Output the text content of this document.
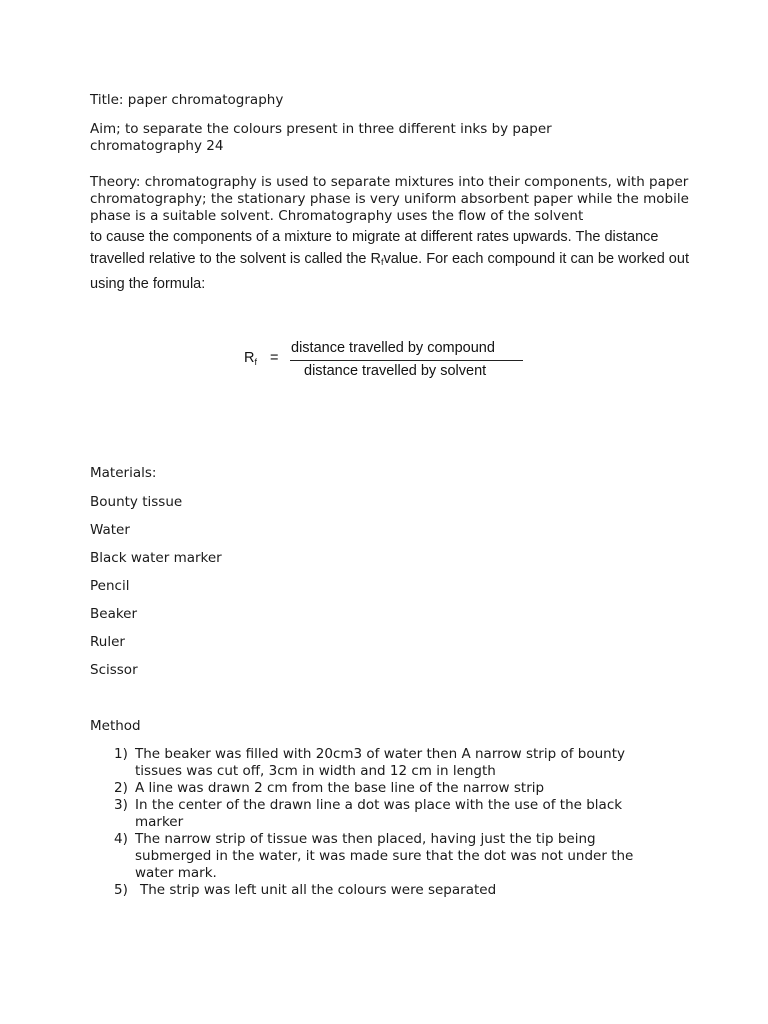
Title: paper chromatography

Aim; to separate the colours present in three different inks by paper chromatography 24

Theory: chromatography is used to separate mixtures into their components, with paper chromatography; the stationary phase is very uniform absorbent paper while the mobile phase is a suitable solvent. Chromatography uses the flow of the solvent

to cause the components of a mixture to migrate at different rates upwards. The distance travelled relative to the solvent is called the $R_fvalue$. For each compound it can be worked out using the formula:

$R_f$ =
distance travelled by compound
distance travelled by solvent

Materials:

Bounty tissue
Water
Black water marker
Pencil
Beaker
Ruler
Scissor

Method

1) The beaker was filled with 20cm3 of water then A narrow strip of bounty tissues was cut off, 3cm in width and 12 cm in length
2) A line was drawn 2 cm from the base line of the narrow strip
3) In the center of the drawn line a dot was place with the use of the black marker
4) The narrow strip of tissue was then placed, having just the tip being submerged in the water, it was made sure that the dot was not under the water mark.
5) The strip was left unit all the colours were separated
